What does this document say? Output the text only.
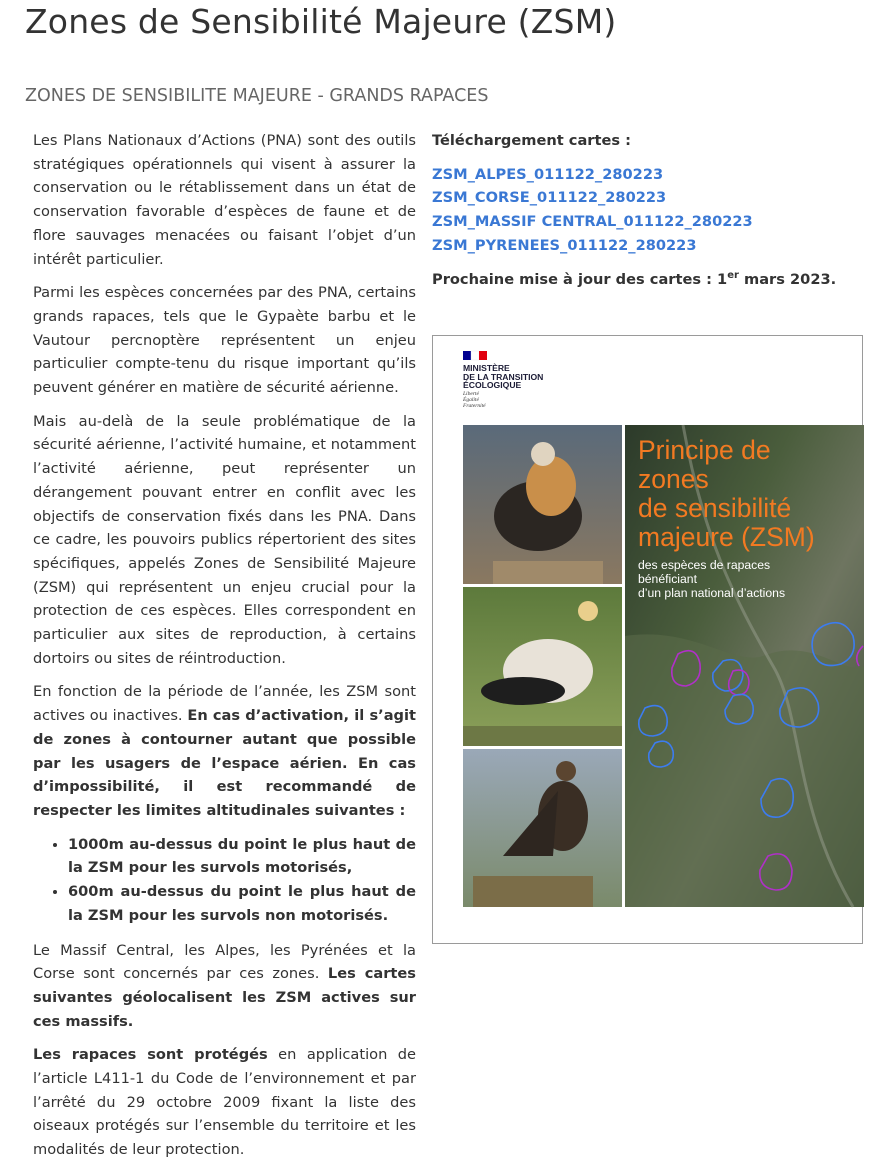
Zones de Sensibilité Majeure (ZSM)
ZONES DE SENSIBILITE MAJEURE - GRANDS RAPACES

Les Plans Nationaux d’Actions (PNA) sont des outils stratégiques opérationnels qui visent à assurer la conservation ou le rétablissement dans un état de conservation favorable d’espèces de faune et de flore sauvages menacées ou faisant l’objet d’un intérêt particulier.

Parmi les espèces concernées par des PNA, certains grands rapaces, tels que le Gypaète barbu et le Vautour percnoptère représentent un enjeu particulier compte-tenu du risque important qu’ils peuvent générer en matière de sécurité aérienne.

Mais au-delà de la seule problématique de la sécurité aérienne, l’activité humaine, et notamment l’activité aérienne, peut représenter un dérangement pouvant entrer en conflit avec les objectifs de conservation fixés dans les PNA. Dans ce cadre, les pouvoirs publics répertorient des sites spécifiques, appelés Zones de Sensibilité Majeure (ZSM) qui représentent un enjeu crucial pour la protection de ces espèces. Elles correspondent en particulier aux sites de reproduction, à certains dortoirs ou sites de réintroduction.

En fonction de la période de l’année, les ZSM sont actives ou inactives. En cas d’activation, il s’agit de zones à contourner autant que possible par les usagers de l’espace aérien. En cas d’impossibilité, il est recommandé de respecter les limites altitudinales suivantes :

• 1000m au-dessus du point le plus haut de la ZSM pour les survols motorisés,
• 600m au-dessus du point le plus haut de la ZSM pour les survols non motorisés.

Le Massif Central, les Alpes, les Pyrénées et la Corse sont concernés par ces zones. Les cartes suivantes géolocalisent les ZSM actives sur ces massifs.

Les rapaces sont protégés en application de l’article L411-1 du Code de l’environnement et par l’arrêté du 29 octobre 2009 fixant la liste des oiseaux protégés sur l’ensemble du territoire et les modalités de leur protection.

Téléchargement cartes :

ZSM_ALPES_011122_280223
ZSM_CORSE_011122_280223
ZSM_MASSIF CENTRAL_011122_280223
ZSM_PYRENEES_011122_280223

Prochaine mise à jour des cartes : 1er mars 2023.

MINISTÈRE
DE LA TRANSITION
ÉCOLOGIQUE
Liberté
Égalité
Fraternité
Principe de
zones
de sensibilité
majeure (ZSM)
des espèces de rapaces
bénéficiant
d’un plan national d’actions
